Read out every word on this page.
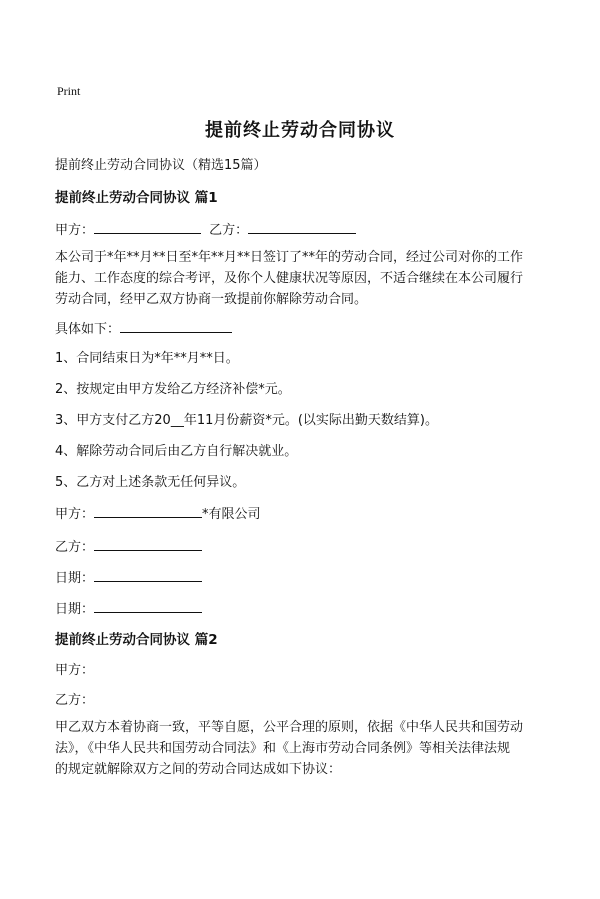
Print
提前终止劳动合同协议
提前终止劳动合同协议（精选15篇）
提前终止劳动合同协议 篇1
甲方：	乙方：
本公司于*年**月**日至*年**月**日签订了**年的劳动合同，经过公司对你的工作
能力、工作态度的综合考评，及你个人健康状况等原因，不适合继续在本公司履行
劳动合同，经甲乙双方协商一致提前你解除劳动合同。
具体如下：
1、合同结束日为*年**月**日。
2、按规定由甲方发给乙方经济补偿*元。
3、甲方支付乙方20__年11月份薪资*元。(以实际出勤天数结算)。
4、解除劳动合同后由乙方自行解决就业。
5、乙方对上述条款无任何异议。
甲方：	*有限公司
乙方：
日期：
日期：
提前终止劳动合同协议 篇2
甲方：
乙方：
甲乙双方本着协商一致，平等自愿，公平合理的原则，依据《中华人民共和国劳动
法》，《中华人民共和国劳动合同法》和《上海市劳动合同条例》等相关法律法规
的规定就解除双方之间的劳动合同达成如下协议：
